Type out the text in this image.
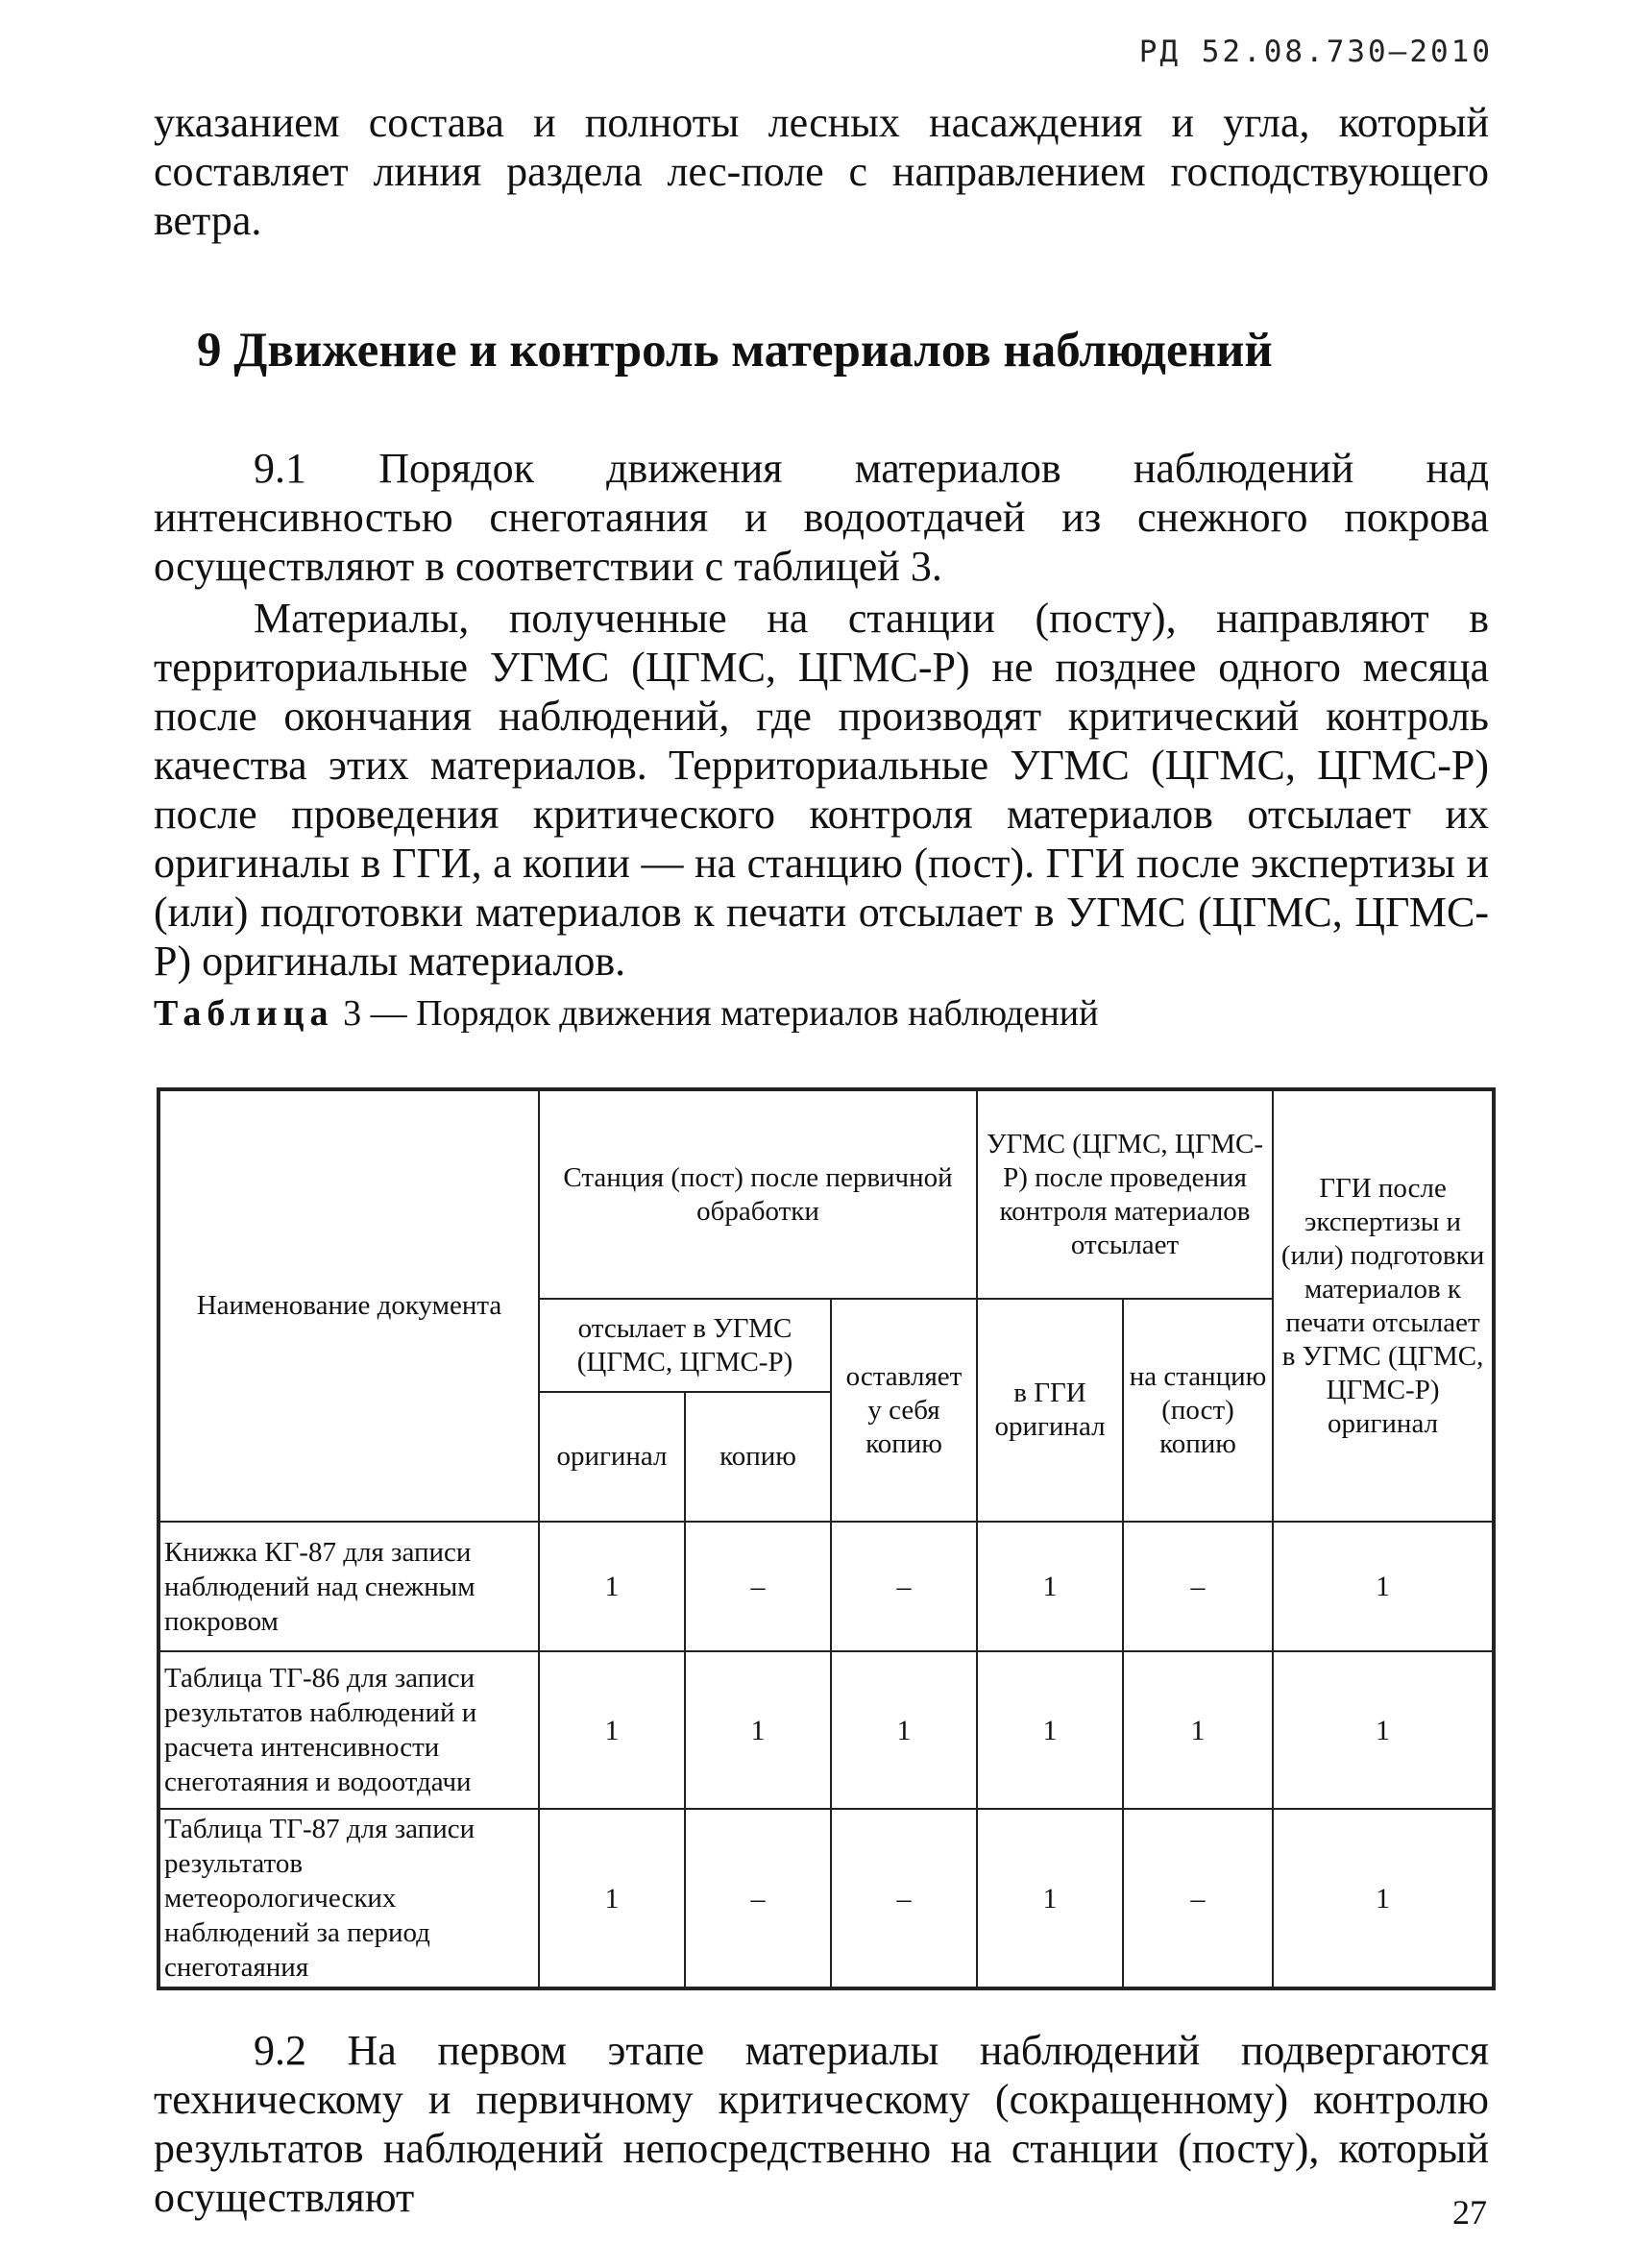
РД 52.08.730–2010

указанием состава и полноты лесных насаждения и угла, который составляет линия раздела лес-поле с направлением господствующего ветра.

9 Движение и контроль материалов наблюдений

9.1 Порядок движения материалов наблюдений над интенсивностью снеготаяния и водоотдачей из снежного покрова осуществляют в соответствии с таблицей 3.

Материалы, полученные на станции (посту), направляют в территориальные УГМС (ЦГМС, ЦГМС-Р) не позднее одного месяца после окончания наблюдений, где производят критический контроль качества этих материалов. Территориальные УГМС (ЦГМС, ЦГМС-Р) после проведения критического контроля материалов отсылает их оригиналы в ГГИ, а копии — на станцию (пост). ГГИ после экспертизы и (или) подготовки материалов к печати отсылает в УГМС (ЦГМС, ЦГМС-Р) оригиналы материалов.

Таблица 3 — Порядок движения материалов наблюдений
Наименование документа	Станция (пост) после первичной обработки			УГМС (ЦГМС, ЦГМС-Р) после проведения контроля материалов отсылает		ГГИ после экспертизы и (или) подготовки материалов к печати отсылает в УГМС (ЦГМС, ЦГМС-Р) оригинал
	отсылает в УГМС (ЦГМС, ЦГМС-Р)		оставляет у себя копию	в ГГИ оригинал	на станцию (пост) копию	
	оригинал	копию				
Книжка КГ-87 для записи наблюдений над снежным покровом	1	–	–	1	–	1
Таблица ТГ-86 для записи результатов наблюдений и расчета интенсивности снеготаяния и водоотдачи	1	1	1	1	1	1
Таблица ТГ-87 для записи результатов метеорологических наблюдений за период снеготаяния	1	–	–	1	–	1

9.2 На первом этапе материалы наблюдений подвергаются техническому и первичному критическому (сокращенному) контролю результатов наблюдений непосредственно на станции (посту), который осуществляют	27
